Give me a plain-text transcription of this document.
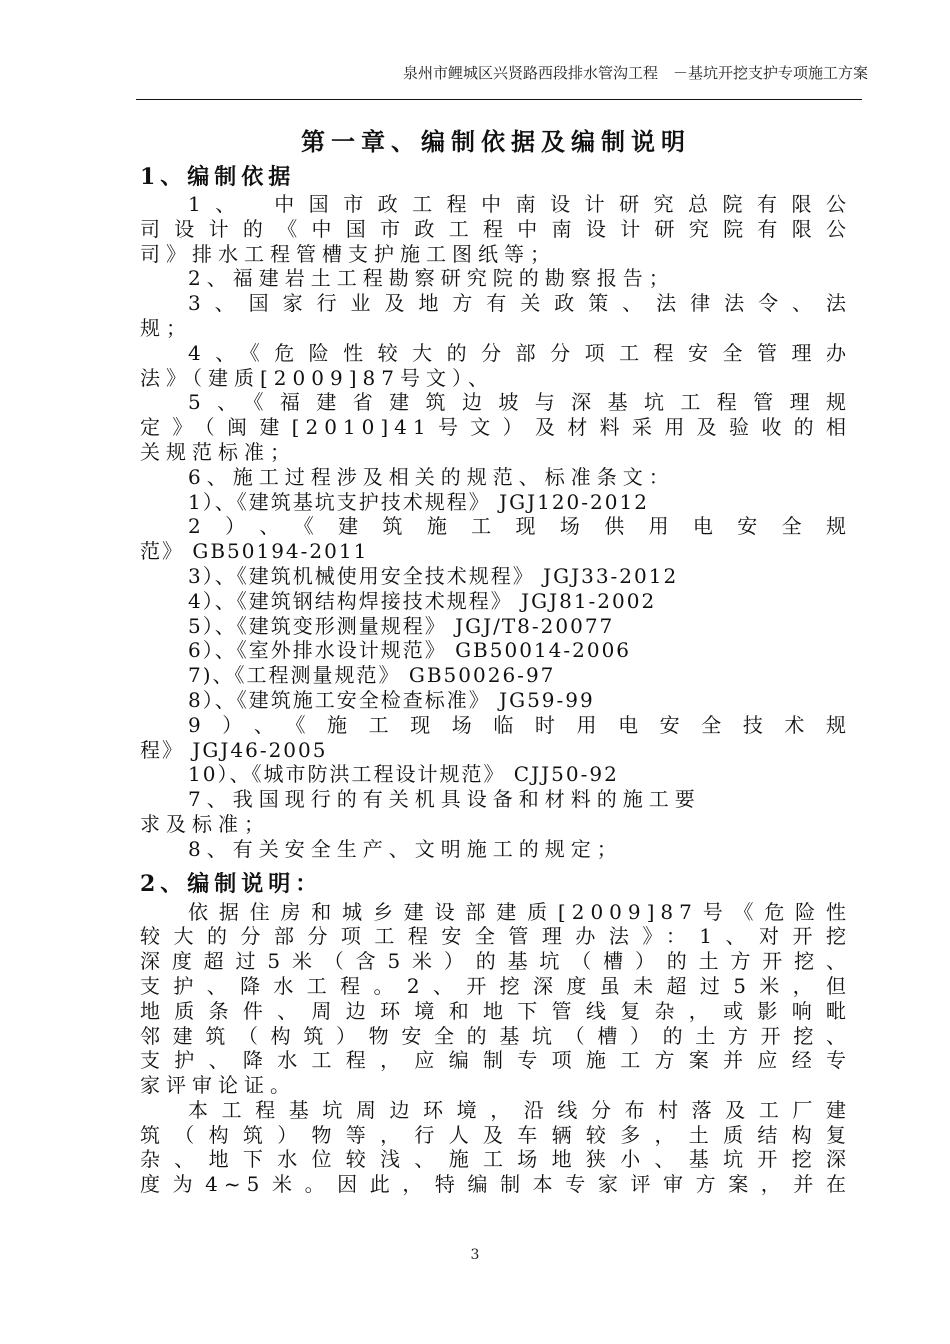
泉州市鲤城区兴贤路西段排水管沟工程　－基坑开挖支护专项施工方案
第一章、编制依据及编制说明
1、编制依据

1、　中国市政工程中南设计研究总院有限公

司设计的《中国市政工程中南设计研究院有限公

司》排水工程管槽支护施工图纸等；

2、福建岩土工程勘察研究院的勘察报告；

3、国家行业及地方有关政策、法律法令、法

规；

4、《危险性较大的分部分项工程安全管理办

法》（建质[2009]87号文）、

5、《福建省建筑边坡与深基坑工程管理规

定》（闽建[2010]41号文）及材料采用及验收的相

关规范标准；

6、施工过程涉及相关的规范、标准条文：

1）、《建筑基坑支护技术规程》 JGJ120-2012

2）、《建筑施工现场供用电安全规

范》 GB50194-2011

3）、《建筑机械使用安全技术规程》 JGJ33-2012

4）、《建筑钢结构焊接技术规程》 JGJ81-2002

5）、《建筑变形测量规程》 JGJ/T8-20077

6）、《室外排水设计规范》 GB50014-2006

7)、《工程测量规范》 GB50026-97

8）、《建筑施工安全检查标准》 JG59-99

9）、《施工现场临时用电安全技术规

程》 JGJ46-2005

10）、《城市防洪工程设计规范》 CJJ50-92

7、我国现行的有关机具设备和材料的施工要

求及标准；

8、有关安全生产、文明施工的规定；

2、编制说明：

依据住房和城乡建设部建质[2009]87号《危险性

较大的分部分项工程安全管理办法》：1、对开挖

深度超过5米（含5米）的基坑（槽）的土方开挖、

支护、降水工程。2、开挖深度虽未超过5米，但

地质条件、周边环境和地下管线复杂，或影响毗

邻建筑（构筑）物安全的基坑（槽）的土方开挖、

支护、降水工程，应编制专项施工方案并应经专

家评审论证。

本工程基坑周边环境，沿线分布村落及工厂建

筑（构筑）物等，行人及车辆较多，土质结构复

杂、地下水位较浅、施工场地狭小、基坑开挖深

度为4~5米。因此，特编制本专家评审方案，并在

3
